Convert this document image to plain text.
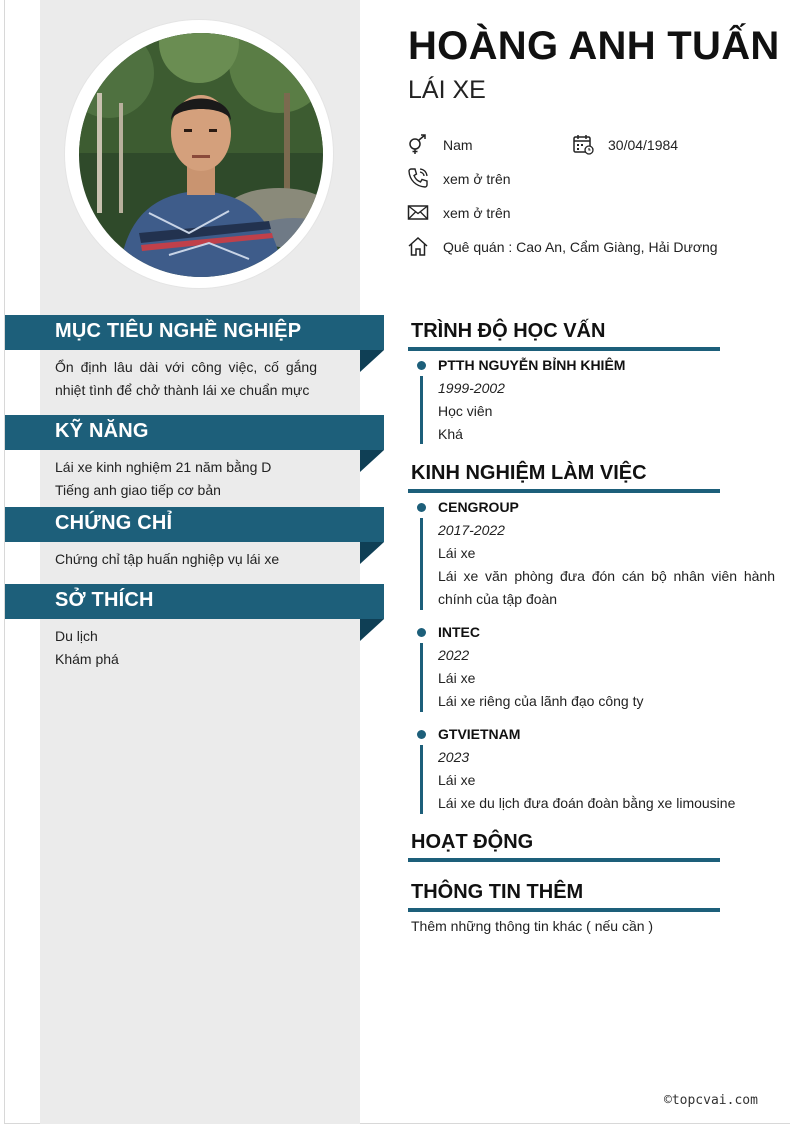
HOÀNG ANH TUẤN
LÁI XE
Nam	30/04/1984
xem ở trên
xem ở trên
Quê quán : Cao An, Cẩm Giàng, Hải Dương
MỤC TIÊU NGHỀ NGHIỆP
Ổn định lâu dài với công việc, cố gắng nhiệt tình để chở thành lái xe chuẩn mực
KỸ NĂNG
Lái xe kinh nghiệm 21 năm bằng D
Tiếng anh giao tiếp cơ bản
CHỨNG CHỈ
Chứng chỉ tập huấn nghiệp vụ lái xe
SỞ THÍCH
Du lịch
Khám phá
TRÌNH ĐỘ HỌC VẤN
PTTH NGUYỄN BỈNH KHIÊM
1999-2002
Học viên
Khá
KINH NGHIỆM LÀM VIỆC
CENGROUP
2017-2022
Lái xe
Lái xe văn phòng đưa đón cán bộ nhân viên hành chính của tập đoàn
INTEC
2022
Lái xe
Lái xe riêng của lãnh đạo công ty
GTVIETNAM
2023
Lái xe
Lái xe du lịch đưa đoán đoàn bằng xe limousine
HOẠT ĐỘNG
THÔNG TIN THÊM
Thêm những thông tin khác ( nếu cần )
©topcvai.com
